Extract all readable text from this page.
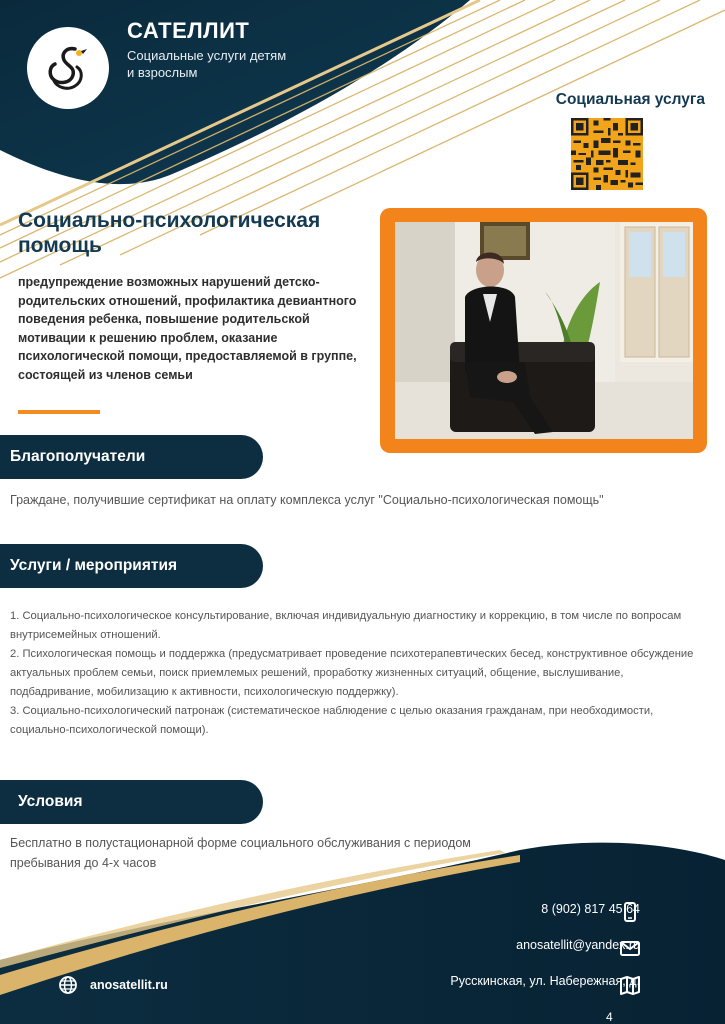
САТЕЛЛИТ
Социальные услуги детям и взрослым
Социальная услуга
Социально-психологическая помощь
предупреждение возможных нарушений детско-родительских отношений, профилактика девиантного поведения ребенка, повышение родительской мотивации к решению проблем, оказание психологической помощи, предоставляемой в группе, состоящей из членов семьи
Благополучатели
Граждане, получившие сертификат на оплату комплекса услуг "Социально-психологическая помощь"
Услуги / мероприятия
1. Социально-психологическое консультирование, включая индивидуальную диагностику и коррекцию, в том числе по вопросам внутрисемейных отношений.
2. Психологическая помощь и поддержка (предусматривает проведение психотерапевтических бесед, конструктивное обсуждение актуальных проблем семьи, поиск приемлемых решений, проработку жизненных ситуаций, общение, выслушивание, подбадривание, мобилизацию к активности, психологическую поддержку).
3. Социально-психологический патронаж (систематическое наблюдение с целью оказания гражданам, при необходимости, социально-психологической помощи).
Условия
Бесплатно в полустационарной форме социального обслуживания с периодом пребывания до 4-х часов
8 (902) 817 45 64
anosatellit@yandex.ru
Русскинская, ул. Набережная, д.
anosatellit.ru
4
